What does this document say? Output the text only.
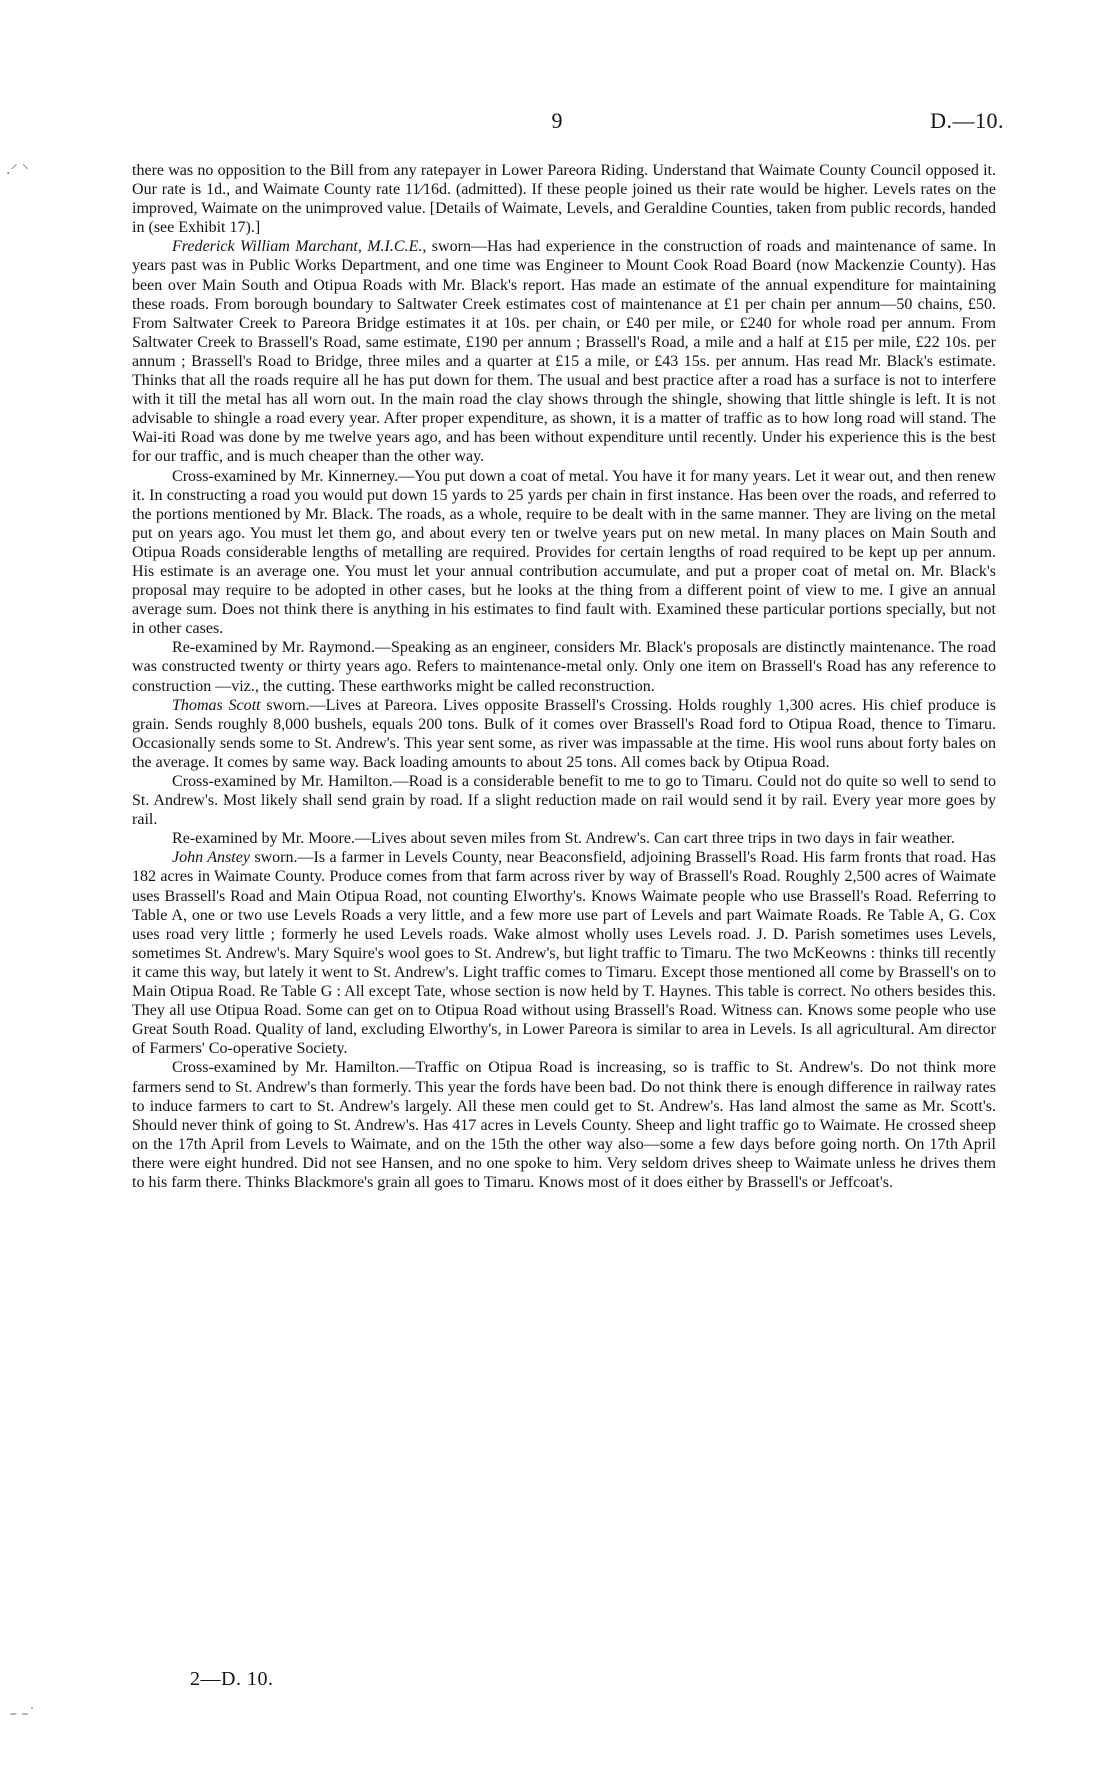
9	D.—10.
.⸍ ⸌
– –˙

there was no opposition to the Bill from any ratepayer in Lower Pareora Riding. Understand that Waimate County Council opposed it. Our rate is 1d., and Waimate County rate 11⁄16d. (admitted). If these people joined us their rate would be higher. Levels rates on the improved, Waimate on the unimproved value. [Details of Waimate, Levels, and Geraldine Counties, taken from public records, handed in (see Exhibit 17).]

Frederick William Marchant, M.I.C.E., sworn—Has had experience in the construction of roads and maintenance of same. In years past was in Public Works Department, and one time was Engineer to Mount Cook Road Board (now Mackenzie County). Has been over Main South and Otipua Roads with Mr. Black's report. Has made an estimate of the annual expenditure for maintaining these roads. From borough boundary to Saltwater Creek estimates cost of maintenance at £1 per chain per annum—50 chains, £50. From Saltwater Creek to Pareora Bridge estimates it at 10s. per chain, or £40 per mile, or £240 for whole road per annum. From Saltwater Creek to Brassell's Road, same estimate, £190 per annum ; Brassell's Road, a mile and a half at £15 per mile, £22 10s. per annum ; Brassell's Road to Bridge, three miles and a quarter at £15 a mile, or £43 15s. per annum. Has read Mr. Black's estimate. Thinks that all the roads require all he has put down for them. The usual and best practice after a road has a surface is not to interfere with it till the metal has all worn out. In the main road the clay shows through the shingle, showing that little shingle is left. It is not advisable to shingle a road every year. After proper expenditure, as shown, it is a matter of traffic as to how long road will stand. The Wai-iti Road was done by me twelve years ago, and has been without expenditure until recently. Under his experience this is the best for our traffic, and is much cheaper than the other way.

Cross-examined by Mr. Kinnerney.—You put down a coat of metal. You have it for many years. Let it wear out, and then renew it. In constructing a road you would put down 15 yards to 25 yards per chain in first instance. Has been over the roads, and referred to the portions mentioned by Mr. Black. The roads, as a whole, require to be dealt with in the same manner. They are living on the metal put on years ago. You must let them go, and about every ten or twelve years put on new metal. In many places on Main South and Otipua Roads considerable lengths of metalling are required. Provides for certain lengths of road required to be kept up per annum. His estimate is an average one. You must let your annual contribution accumulate, and put a proper coat of metal on. Mr. Black's proposal may require to be adopted in other cases, but he looks at the thing from a different point of view to me. I give an annual average sum. Does not think there is anything in his estimates to find fault with. Examined these particular portions specially, but not in other cases.

Re-examined by Mr. Raymond.—Speaking as an engineer, considers Mr. Black's proposals are distinctly maintenance. The road was constructed twenty or thirty years ago. Refers to maintenance-metal only. Only one item on Brassell's Road has any reference to construction —viz., the cutting. These earthworks might be called reconstruction.

Thomas Scott sworn.—Lives at Pareora. Lives opposite Brassell's Crossing. Holds roughly 1,300 acres. His chief produce is grain. Sends roughly 8,000 bushels, equals 200 tons. Bulk of it comes over Brassell's Road ford to Otipua Road, thence to Timaru. Occasionally sends some to St. Andrew's. This year sent some, as river was impassable at the time. His wool runs about forty bales on the average. It comes by same way. Back loading amounts to about 25 tons. All comes back by Otipua Road.

Cross-examined by Mr. Hamilton.—Road is a considerable benefit to me to go to Timaru. Could not do quite so well to send to St. Andrew's. Most likely shall send grain by road. If a slight reduction made on rail would send it by rail. Every year more goes by rail.

Re-examined by Mr. Moore.—Lives about seven miles from St. Andrew's. Can cart three trips in two days in fair weather.

John Anstey sworn.—Is a farmer in Levels County, near Beaconsfield, adjoining Brassell's Road. His farm fronts that road. Has 182 acres in Waimate County. Produce comes from that farm across river by way of Brassell's Road. Roughly 2,500 acres of Waimate uses Brassell's Road and Main Otipua Road, not counting Elworthy's. Knows Waimate people who use Brassell's Road. Referring to Table A, one or two use Levels Roads a very little, and a few more use part of Levels and part Waimate Roads. Re Table A, G. Cox uses road very little ; formerly he used Levels roads. Wake almost wholly uses Levels road. J. D. Parish sometimes uses Levels, sometimes St. Andrew's. Mary Squire's wool goes to St. Andrew's, but light traffic to Timaru. The two McKeowns : thinks till recently it came this way, but lately it went to St. Andrew's. Light traffic comes to Timaru. Except those mentioned all come by Brassell's on to Main Otipua Road. Re Table G : All except Tate, whose section is now held by T. Haynes. This table is correct. No others besides this. They all use Otipua Road. Some can get on to Otipua Road without using Brassell's Road. Witness can. Knows some people who use Great South Road. Quality of land, excluding Elworthy's, in Lower Pareora is similar to area in Levels. Is all agricultural. Am director of Farmers' Co-operative Society.

Cross-examined by Mr. Hamilton.—Traffic on Otipua Road is increasing, so is traffic to St. Andrew's. Do not think more farmers send to St. Andrew's than formerly. This year the fords have been bad. Do not think there is enough difference in railway rates to induce farmers to cart to St. Andrew's largely. All these men could get to St. Andrew's. Has land almost the same as Mr. Scott's. Should never think of going to St. Andrew's. Has 417 acres in Levels County. Sheep and light traffic go to Waimate. He crossed sheep on the 17th April from Levels to Waimate, and on the 15th the other way also—some a few days before going north. On 17th April there were eight hundred. Did not see Hansen, and no one spoke to him. Very seldom drives sheep to Waimate unless he drives them to his farm there. Thinks Blackmore's grain all goes to Timaru. Knows most of it does either by Brassell's or Jeffcoat's.

2—D. 10.
